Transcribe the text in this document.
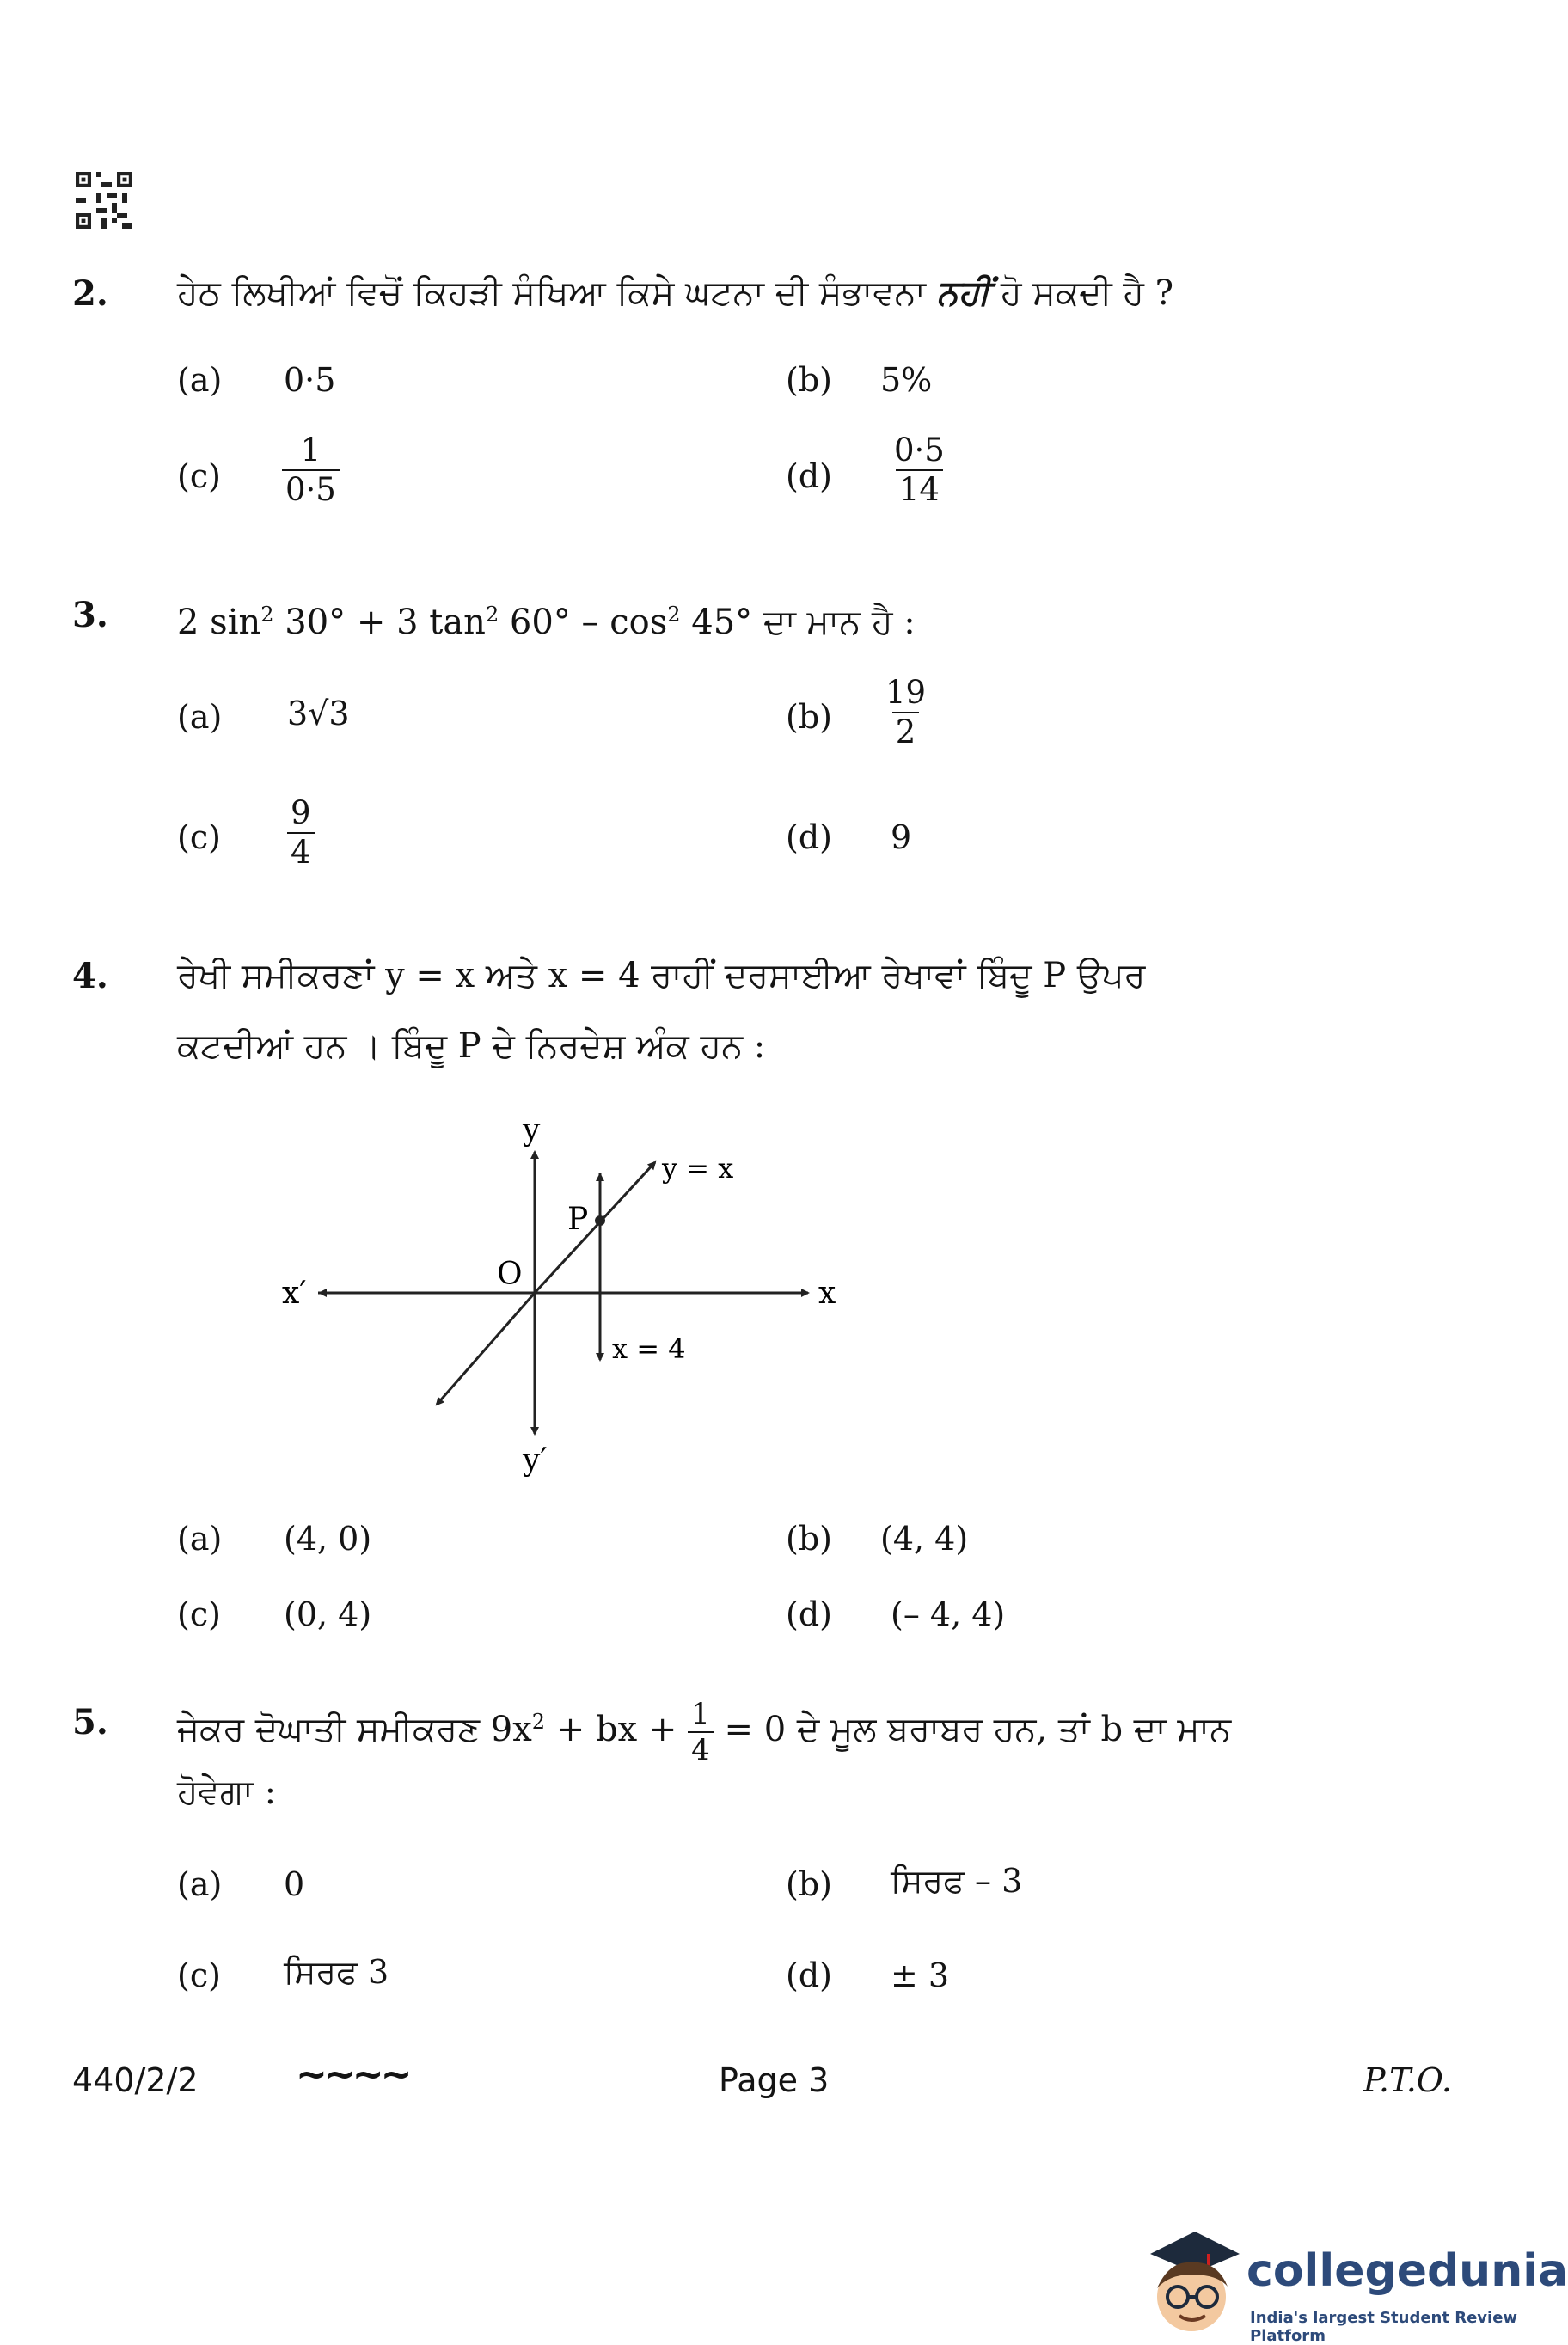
2. ਹੇਠ ਲਿਖੀਆਂ ਵਿਚੋਂ ਕਿਹੜੀ ਸੰਖਿਆ ਕਿਸੇ ਘਟਨਾ ਦੀ ਸੰਭਾਵਨਾ ਨਹੀਂ ਹੋ ਸਕਦੀ ਹੈ ?
(a) 0·5	(b) 5%
$(c) \frac{1}{0\cdot 5}$	$(d) \frac{0\cdot 5}{14}$
3. 2 $\sin^2 30^\circ + 3$ $\tan^2 60^\circ - \cos^2 45^\circ$ ਦਾ ਮਾਨ ਹੈ :
(a) 3√3	$(b) \frac{19}{2}$
$(c) \frac{9}{4}$	(d) 9
4. ਰੇਖੀ ਸਮੀਕਰਣਾਂ y = x ਅਤੇ x = 4 ਰਾਹੀਂ ਦਰਸਾਈਆ ਰੇਖਾਵਾਂ ਬਿੰਦੂ P ਉਪਰ
ਕਟਦੀਆਂ ਹਨ । ਬਿੰਦੂ P ਦੇ ਨਿਰਦੇਸ਼ ਅੰਕ ਹਨ :
y
y′
x
x′
O
P
y = x
x = 4
(a) (4, 0)	(b) (4, 4)
(c) (0, 4)	(d) (– 4, 4)
5. ਜੇਕਰ ਦੋਘਾਤੀ ਸਮੀਕਰਣ $9x^2$ + bx + $\frac{1}{4} = 0$ ਦੇ ਮੂਲ ਬਰਾਬਰ ਹਨ, ਤਾਂ b ਦਾ ਮਾਨ
ਹੋਵੇਗਾ :
(a) 0	(b) ਸਿਰਫ – 3
(c) ਸਿਰਫ 3	(d) ± 3
440/2/2	~~~~	Page 3	P.T.O.
collegedunia
India's largest Student Review Platform
